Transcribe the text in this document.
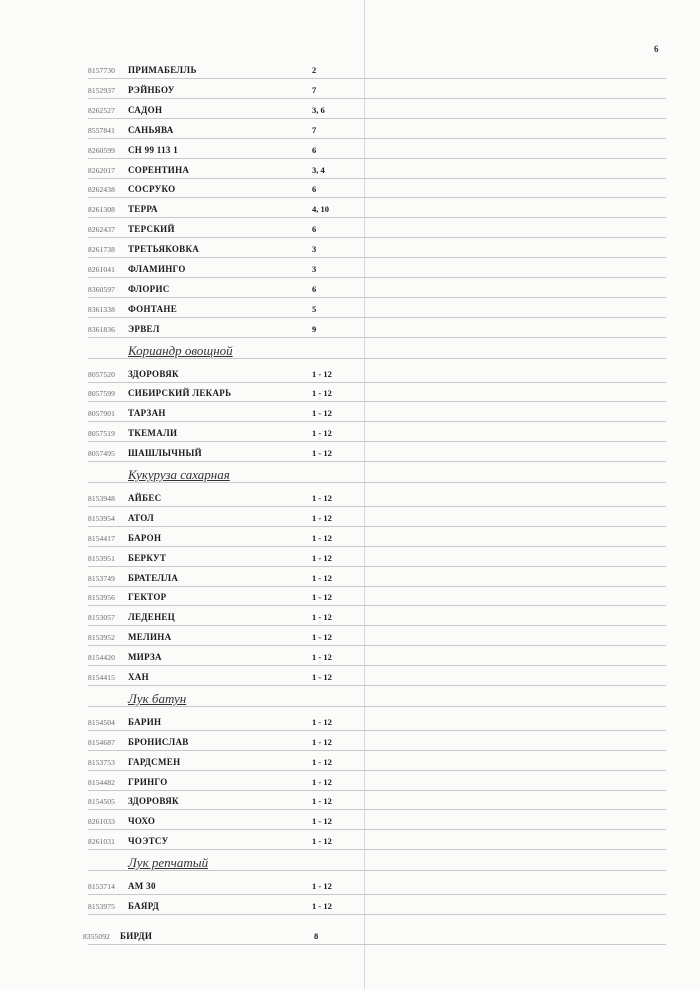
6
8157730 ПРИМАБЕЛЛЬ	2
8152937 РЭЙНБОУ	7
8262527 САДОН	3, 6
8557841 САНЬЯВА	7
8260599 СН 99 113 1	6
8262017 СОРЕНТИНА	3, 4
8262438 СОСРУКО	6
8261308 ТЕРРА	4, 10
8262437 ТЕРСКИЙ	6
8261738 ТРЕТЬЯКОВКА	3
8261041 ФЛАМИНГО	3
8360597 ФЛОРИС	6
8361338 ФОНТАНЕ	5
8361836 ЭРВЕЛ	9
Кориандр овощной
8057520 ЗДОРОВЯК	1 - 12
8057599 СИБИРСКИЙ ЛЕКАРЬ	1 - 12
8057901 ТАРЗАН	1 - 12
8057519 ТКЕМАЛИ	1 - 12
8057495 ШАШЛЫЧНЫЙ	1 - 12
Кукуруза сахарная
8153948 АЙБЕС	1 - 12
8153954 АТОЛ	1 - 12
8154417 БАРОН	1 - 12
8153951 БЕРКУТ	1 - 12
8153749 БРАТЕЛЛА	1 - 12
8153956 ГЕКТОР	1 - 12
8153057 ЛЕДЕНЕЦ	1 - 12
8153952 МЕЛИНА	1 - 12
8154420 МИРЗА	1 - 12
8154415 ХАН	1 - 12
Лук батун
8154504 БАРИН	1 - 12
8154687 БРОНИСЛАВ	1 - 12
8153753 ГАРДСМЕН	1 - 12
8154482 ГРИНГО	1 - 12
8154505 ЗДОРОВЯК	1 - 12
8261033 ЧОХО	1 - 12
8261031 ЧОЭТСУ	1 - 12
Лук репчатый
8153714 АМ 30	1 - 12
8153975 БАЯРД	1 - 12
8355092 БИРДИ	8
